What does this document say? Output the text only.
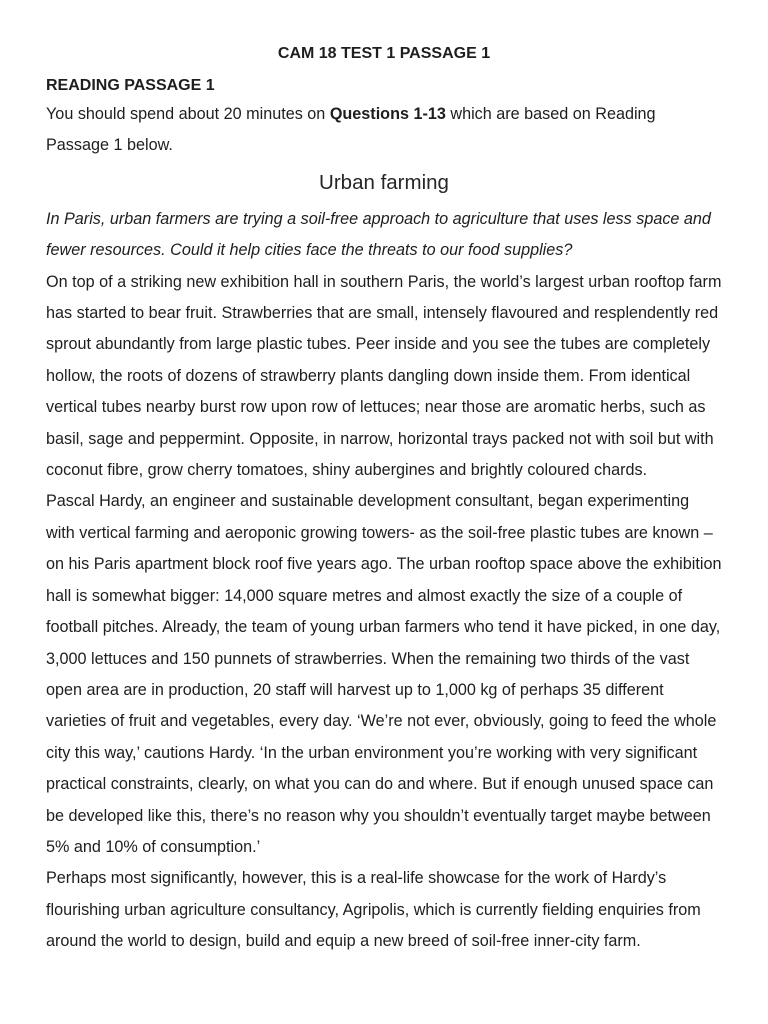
CAM 18 TEST 1 PASSAGE 1
READING PASSAGE 1

You should spend about 20 minutes on Questions 1-13 which are based on Reading Passage 1 below.

Urban farming

In Paris, urban farmers are trying a soil-free approach to agriculture that uses less space and fewer resources. Could it help cities face the threats to our food supplies?

On top of a striking new exhibition hall in southern Paris, the world’s largest urban rooftop farm has started to bear fruit. Strawberries that are small, intensely flavoured and resplendently red sprout abundantly from large plastic tubes. Peer inside and you see the tubes are completely hollow, the roots of dozens of strawberry plants dangling down inside them. From identical vertical tubes nearby burst row upon row of lettuces; near those are aromatic herbs, such as basil, sage and peppermint. Opposite, in narrow, horizontal trays packed not with soil but with coconut fibre, grow cherry tomatoes, shiny aubergines and brightly coloured chards.

Pascal Hardy, an engineer and sustainable development consultant, began experimenting with vertical farming and aeroponic growing towers- as the soil-free plastic tubes are known – on his Paris apartment block roof five years ago. The urban rooftop space above the exhibition hall is somewhat bigger: 14,000 square metres and almost exactly the size of a couple of football pitches. Already, the team of young urban farmers who tend it have picked, in one day, 3,000 lettuces and 150 punnets of strawberries. When the remaining two thirds of the vast open area are in production, 20 staff will harvest up to 1,000 kg of perhaps 35 different varieties of fruit and vegetables, every day. ‘We’re not ever, obviously, going to feed the whole city this way,’ cautions Hardy. ‘In the urban environment you’re working with very significant practical constraints, clearly, on what you can do and where. But if enough unused space can be developed like this, there’s no reason why you shouldn’t eventually target maybe between 5% and 10% of consumption.’

Perhaps most significantly, however, this is a real-life showcase for the work of Hardy’s flourishing urban agriculture consultancy, Agripolis, which is currently fielding enquiries from around the world to design, build and equip a new breed of soil-free inner-city farm.
